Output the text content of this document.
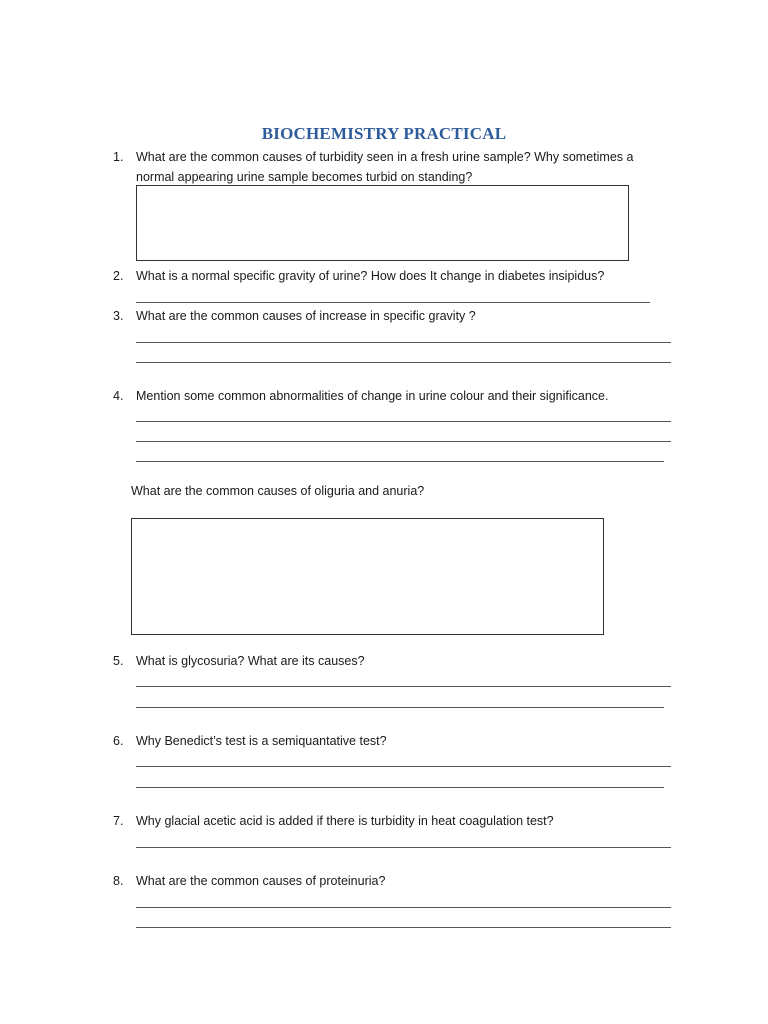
BIOCHEMISTRY PRACTICAL
1. What are the common causes of turbidity seen in a fresh urine sample? Why sometimes a
normal appearing urine sample becomes turbid on standing?
2. What is a normal specific gravity of urine? How does It change in diabetes insipidus?
3. What are the common causes of increase in specific gravity ?
4. Mention some common abnormalities of change in urine colour and their significance.
What are the common causes of oliguria and anuria?
5. What is glycosuria? What are its causes?
6. Why Benedict’s test is a semiquantative test?
7. Why glacial acetic acid is added if there is turbidity in heat coagulation test?
8. What are the common causes of proteinuria?
